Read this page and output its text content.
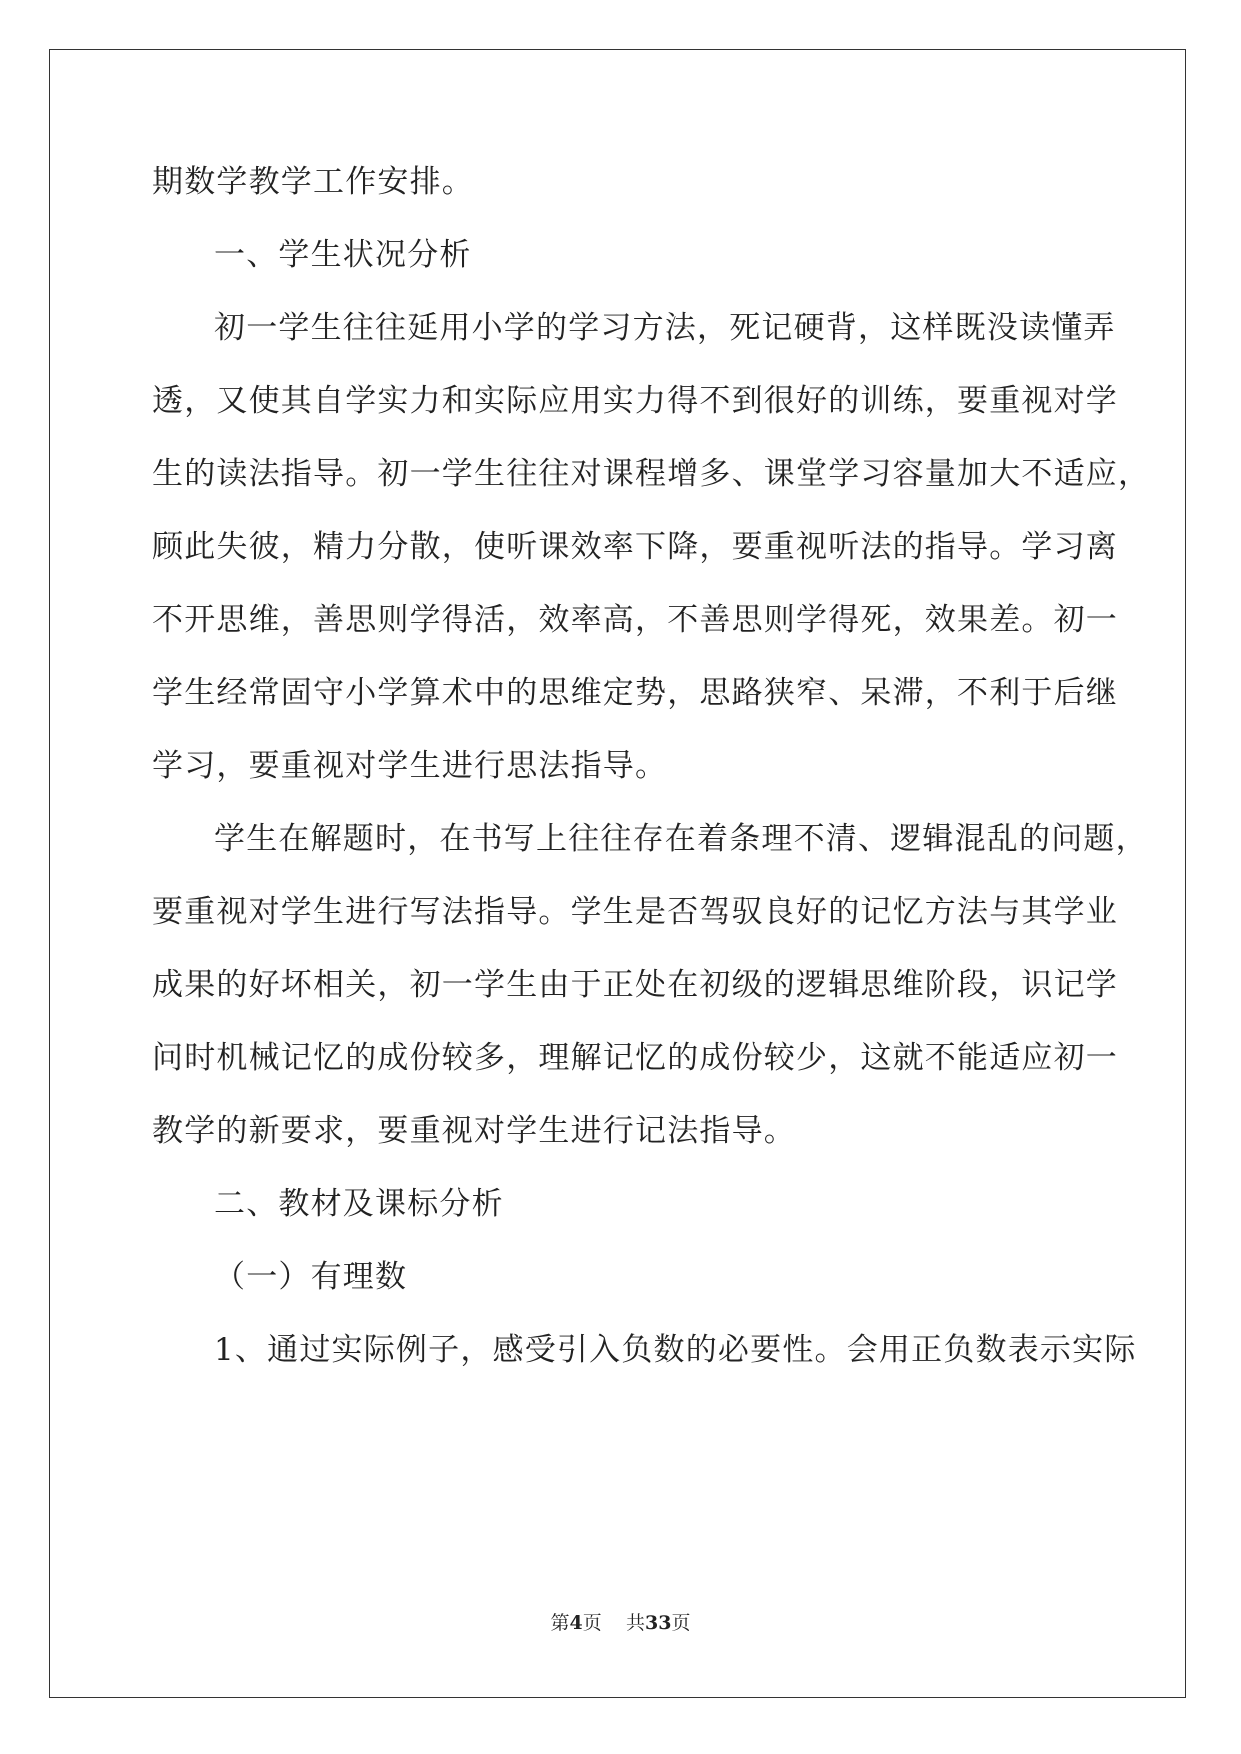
期数学教学工作安排。
一、学生状况分析
初一学生往往延用小学的学习方法，死记硬背，这样既没读懂弄
透，又使其自学实力和实际应用实力得不到很好的训练，要重视对学
生的读法指导。初一学生往往对课程增多、课堂学习容量加大不适应，
顾此失彼，精力分散，使听课效率下降，要重视听法的指导。学习离
不开思维，善思则学得活，效率高，不善思则学得死，效果差。初一
学生经常固守小学算术中的思维定势，思路狭窄、呆滞，不利于后继
学习，要重视对学生进行思法指导。
学生在解题时，在书写上往往存在着条理不清、逻辑混乱的问题，
要重视对学生进行写法指导。学生是否驾驭良好的记忆方法与其学业
成果的好坏相关，初一学生由于正处在初级的逻辑思维阶段，识记学
问时机械记忆的成份较多，理解记忆的成份较少，这就不能适应初一
教学的新要求，要重视对学生进行记法指导。
二、教材及课标分析
（一）有理数
1、通过实际例子，感受引入负数的必要性。会用正负数表示实际
第4页 共33页
